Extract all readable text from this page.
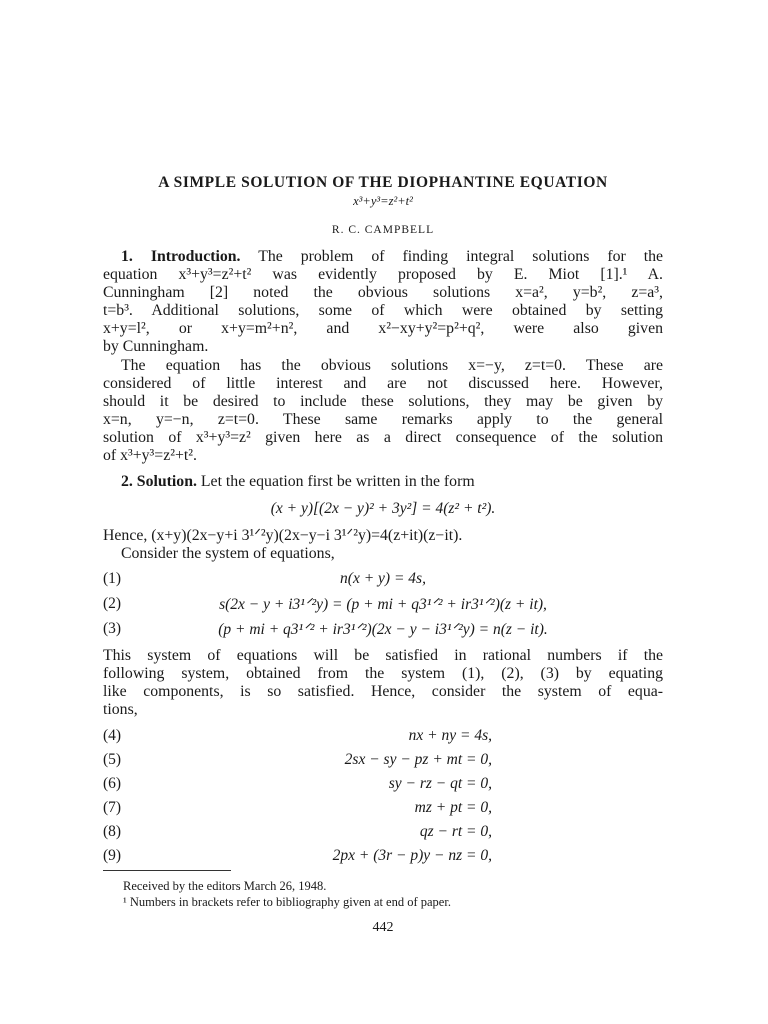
A SIMPLE SOLUTION OF THE DIOPHANTINE EQUATION
x³+y³=z²+t²
R. C. CAMPBELL
1. Introduction. The problem of finding integral solutions for the
equation x³+y³=z²+t² was evidently proposed by E. Miot [1].¹ A.
Cunningham [2] noted the obvious solutions x=a², y=b², z=a³,
t=b³. Additional solutions, some of which were obtained by setting
x+y=l², or x+y=m²+n², and x²−xy+y²=p²+q², were also given
by Cunningham.
The equation has the obvious solutions x=−y, z=t=0. These are
considered of little interest and are not discussed here. However,
should it be desired to include these solutions, they may be given by
x=n, y=−n, z=t=0. These same remarks apply to the general
solution of x³+y³=z² given here as a direct consequence of the solution
of x³+y³=z²+t².
2. Solution. Let the equation first be written in the form
(x + y)[(2x − y)² + 3y²] = 4(z² + t²).
Hence, (x+y)(2x−y+i 3¹ᐟ²y)(2x−y−i 3¹ᐟ²y)=4(z+it)(z−it).
Consider the system of equations,
(1)	n(x + y) = 4s,
(2)	s(2x − y + i3¹ᐟ²y) = (p + mi + q3¹ᐟ² + ir3¹ᐟ²)(z + it),
(3)	(p + mi + q3¹ᐟ² + ir3¹ᐟ²)(2x − y − i3¹ᐟ²y) = n(z − it).
This system of equations will be satisfied in rational numbers if the
following system, obtained from the system (1), (2), (3) by equating
like components, is so satisfied. Hence, consider the system of equa-
tions,
(4)	nx + ny = 4s,
(5)	2sx − sy − pz + mt = 0,
(6)	sy − rz − qt = 0,
(7)	mz + pt = 0,
(8)	qz − rt = 0,
(9)	2px + (3r − p)y − nz = 0,
Received by the editors March 26, 1948.
¹ Numbers in brackets refer to bibliography given at end of paper.
442
